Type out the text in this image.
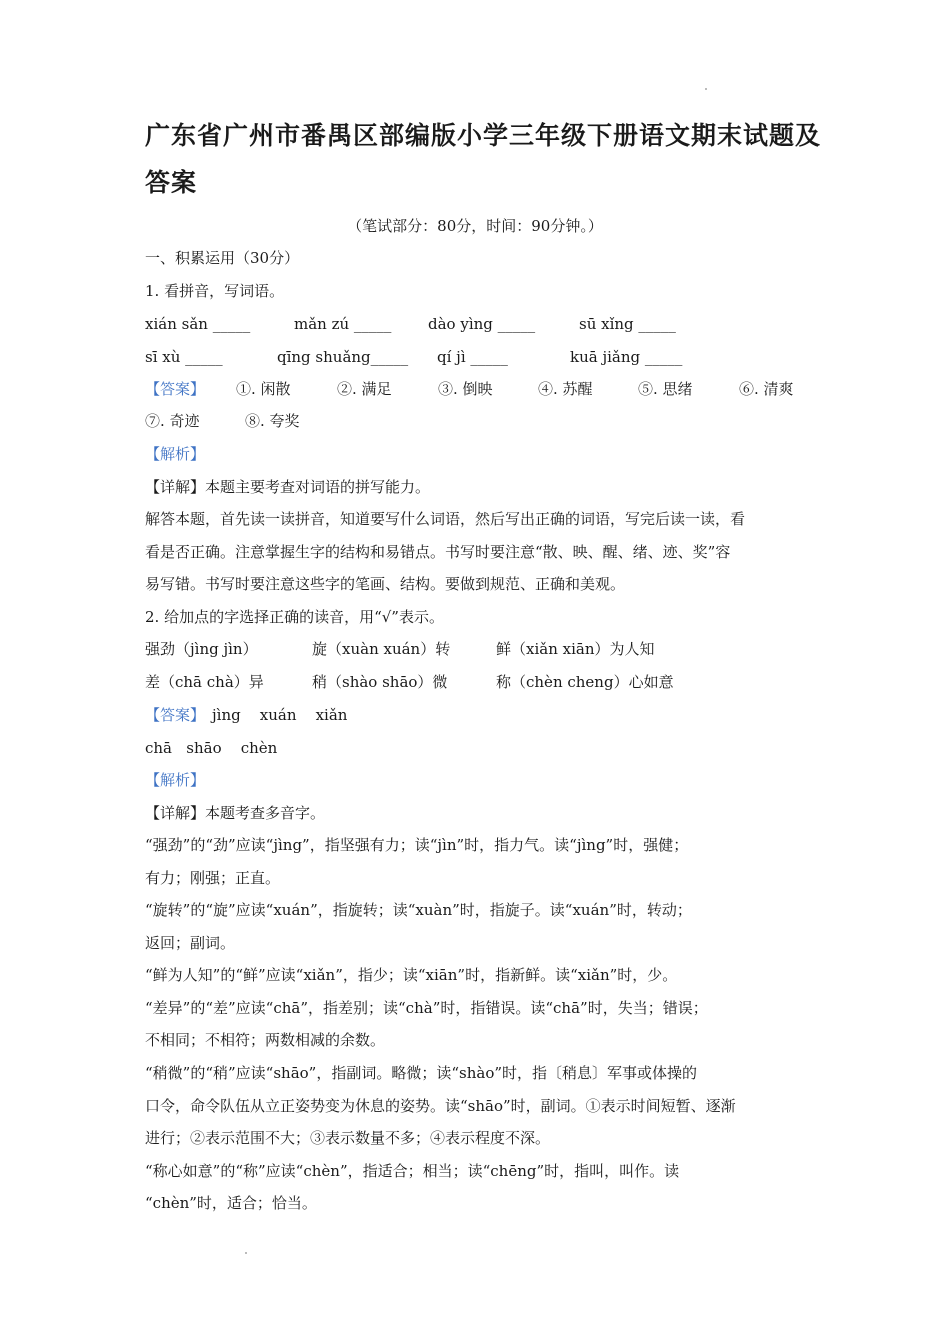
广东省广州市番禺区部编版小学三年级下册语文期末试题及答案
（笔试部分：80分，时间：90分钟。）
一、积累运用（30分）
1. 看拼音，写词语。
xián sǎn _____	mǎn zú _____ dào yìng _____	sū xǐng _____
sī xù _____	qīng shuǎng_____ qí jì _____	kuā jiǎng _____
【答案】 ①. 闲散	②. 满足	③. 倒映	④. 苏醒	⑤. 思绪	⑥. 清爽
⑦. 奇迹	⑧. 夸奖
【解析】
【详解】本题主要考查对词语的拼写能力。
解答本题，首先读一读拼音，知道要写什么词语，然后写出正确的词语，写完后读一读，看
看是否正确。注意掌握生字的结构和易错点。书写时要注意“散、映、醒、绪、迹、奖”容
易写错。书写时要注意这些字的笔画、结构。要做到规范、正确和美观。
2. 给加点的字选择正确的读音，用“√”表示。
强劲（jìng jìn）	旋（xuàn xuán）转	鲜（xiǎn xiān）为人知
差（chā chà）异	稍（shào shāo）微	称（chèn cheng）心如意
【答案】 jìng    xuán    xiǎn
chā   shāo    chèn
【解析】
【详解】本题考查多音字。
“强劲”的“劲”应读“jìng”，指坚强有力；读“jìn”时，指力气。读“jìng”时，强健；
有力；刚强；正直。
“旋转”的“旋”应读“xuán”，指旋转；读“xuàn”时，指旋子。读“xuán”时，转动；
返回；副词。
“鲜为人知”的“鲜”应读“xiǎn”，指少；读“xiān”时，指新鲜。读“xiǎn”时，少。
“差异”的“差”应读“chā”，指差别；读“chà”时，指错误。读“chā”时，失当；错误；
不相同；不相符；两数相减的余数。
“稍微”的“稍”应读“shāo”，指副词。略微；读“shào”时，指〔稍息〕军事或体操的
口令，命令队伍从立正姿势变为休息的姿势。读“shāo”时，副词。①表示时间短暂、逐渐
进行；②表示范围不大；③表示数量不多；④表示程度不深。
“称心如意”的“称”应读“chèn”，指适合；相当；读“chēng”时，指叫，叫作。读
“chèn”时，适合；恰当。
